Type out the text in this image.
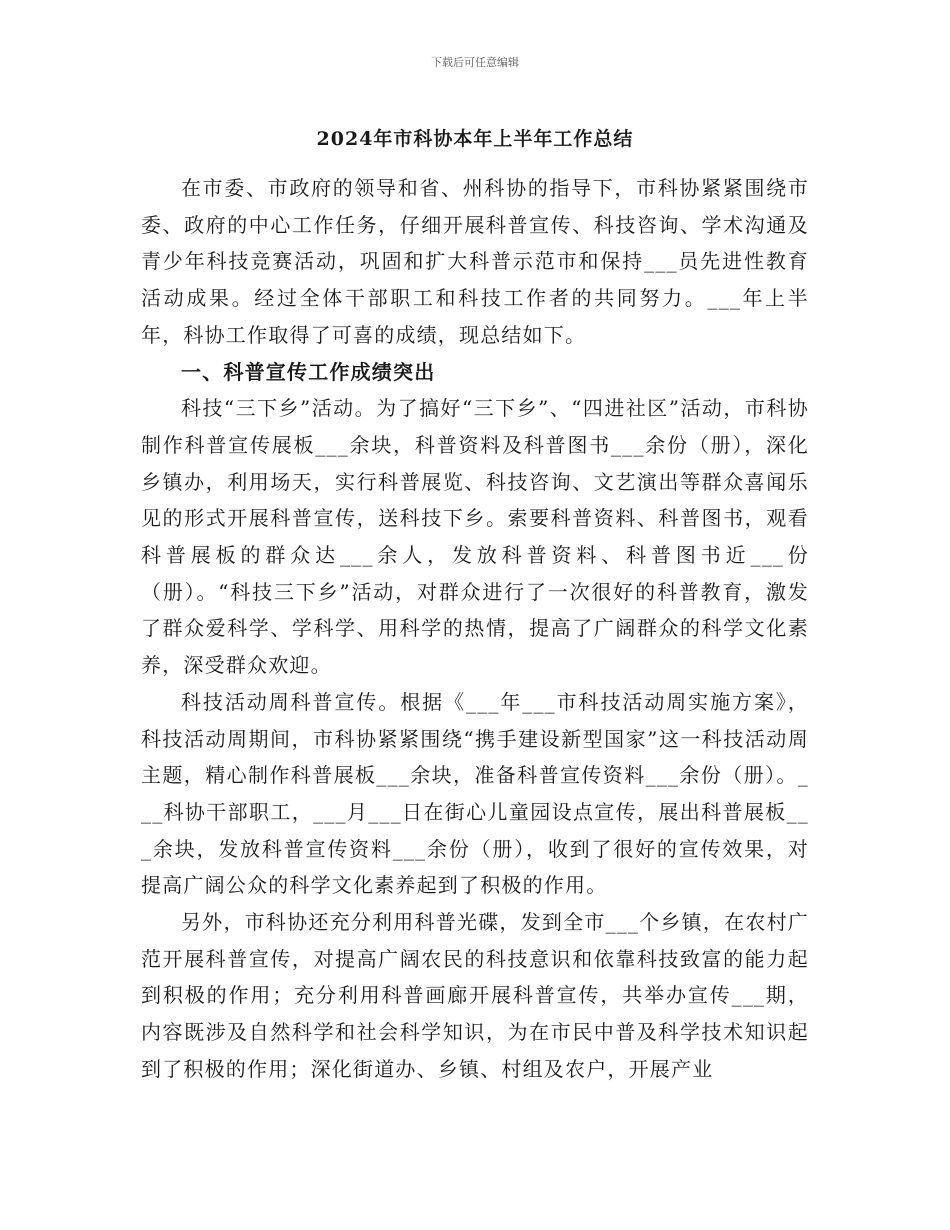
下载后可任意编辑
2024年市科协本年上半年工作总结

在市委、市政府的领导和省、州科协的指导下，市科协紧紧围绕市委、政府的中心工作任务，仔细开展科普宣传、科技咨询、学术沟通及青少年科技竞赛活动，巩固和扩大科普示范市和保持___员先进性教育活动成果。经过全体干部职工和科技工作者的共同努力。___年上半年，科协工作取得了可喜的成绩，现总结如下。

一、科普宣传工作成绩突出

科技“三下乡”活动。为了搞好“三下乡”、“四进社区”活动，市科协制作科普宣传展板___余块，科普资料及科普图书___余份（册），深化乡镇办，利用场天，实行科普展览、科技咨询、文艺演出等群众喜闻乐见的形式开展科普宣传，送科技下乡。索要科普资料、科普图书，观看科普展板的群众达___余人，发放科普资料、科普图书近___份（册）。“科技三下乡”活动，对群众进行了一次很好的科普教育，激发了群众爱科学、学科学、用科学的热情，提高了广阔群众的科学文化素养，深受群众欢迎。

科技活动周科普宣传。根据《___年___市科技活动周实施方案》，科技活动周期间，市科协紧紧围绕“携手建设新型国家”这一科技活动周主题，精心制作科普展板___余块，准备科普宣传资料___余份（册）。___科协干部职工，___月___日在街心儿童园设点宣传，展出科普展板___余块，发放科普宣传资料___余份（册），收到了很好的宣传效果，对提高广阔公众的科学文化素养起到了积极的作用。

另外，市科协还充分利用科普光碟，发到全市___个乡镇，在农村广范开展科普宣传，对提高广阔农民的科技意识和依靠科技致富的能力起到积极的作用；充分利用科普画廊开展科普宣传，共举办宣传___期，内容既涉及自然科学和社会科学知识，为在市民中普及科学技术知识起到了积极的作用；深化街道办、乡镇、村组及农户，开展产业
